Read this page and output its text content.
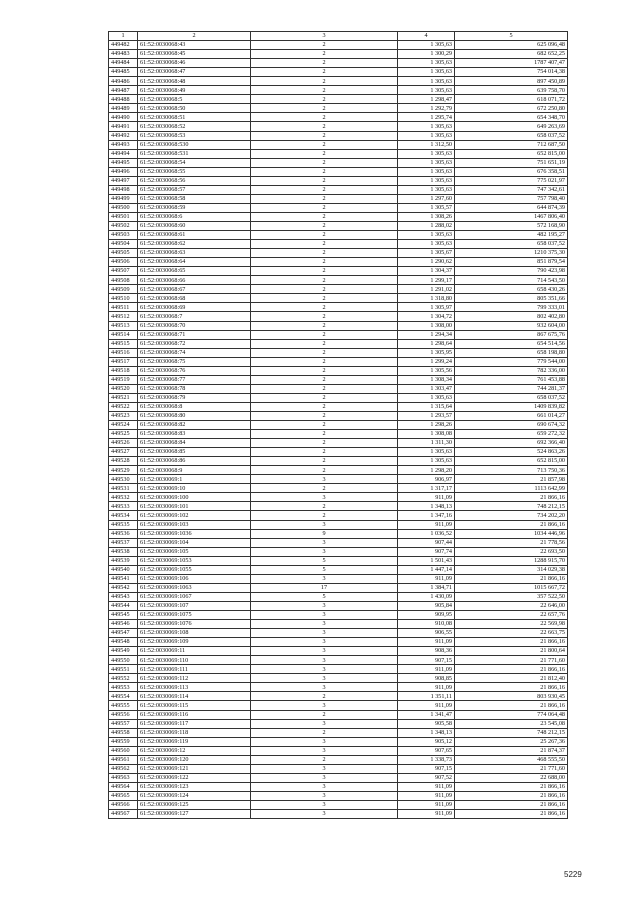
1	2	3	4	5
449482	61:52:0030068:43	2	1 305,63	625 096,48
449483	61:52:0030068:45	2	1 300,29	682 652,25
449484	61:52:0030068:46	2	1 305,63	1787 407,47
449485	61:52:0030068:47	2	1 305,63	754 014,38
449486	61:52:0030068:48	2	1 305,63	897 450,89
449487	61:52:0030068:49	2	1 305,63	639 758,70
449488	61:52:0030068:5	2	1 298,47	618 071,72
449489	61:52:0030068:50	2	1 292,79	672 250,80
449490	61:52:0030068:51	2	1 295,74	654 348,70
449491	61:52:0030068:52	2	1 305,63	649 263,69
449492	61:52:0030068:53	2	1 305,63	658 037,52
449493	61:52:0030068:530	2	1 312,50	712 687,50
449494	61:52:0030068:531	2	1 305,63	652 815,00
449495	61:52:0030068:54	2	1 305,63	751 651,19
449496	61:52:0030068:55	2	1 305,63	676 358,51
449497	61:52:0030068:56	2	1 305,63	775 021,97
449498	61:52:0030068:57	2	1 305,63	747 342,61
449499	61:52:0030068:58	2	1 297,60	757 798,40
449500	61:52:0030068:59	2	1 305,57	644 874,39
449501	61:52:0030068:6	2	1 308,26	1467 806,40
449502	61:52:0030068:60	2	1 288,02	572 168,90
449503	61:52:0030068:61	2	1 305,63	482 195,27
449504	61:52:0030068:62	2	1 305,63	658 037,52
449505	61:52:0030068:63	2	1 305,67	1210 375,30
449506	61:52:0030068:64	2	1 290,62	851 879,54
449507	61:52:0030068:65	2	1 304,37	790 423,98
449508	61:52:0030068:66	2	1 299,17	714 543,50
449509	61:52:0030068:67	2	1 291,02	658 430,26
449510	61:52:0030068:68	2	1 318,80	805 351,66
449511	61:52:0030068:69	2	1 305,97	799 333,01
449512	61:52:0030068:7	2	1 304,72	802 402,80
449513	61:52:0030068:70	2	1 308,00	932 604,00
449514	61:52:0030068:71	2	1 294,34	867 675,76
449515	61:52:0030068:72	2	1 298,64	654 514,56
449516	61:52:0030068:74	2	1 305,95	658 198,80
449517	61:52:0030068:75	2	1 299,24	779 544,00
449518	61:52:0030068:76	2	1 305,56	782 336,00
449519	61:52:0030068:77	2	1 308,34	761 453,88
449520	61:52:0030068:78	2	1 303,47	744 281,37
449521	61:52:0030068:79	2	1 305,63	658 037,52
449522	61:52:0030068:8	2	1 315,64	1409 839,82
449523	61:52:0030068:80	2	1 293,57	661 014,27
449524	61:52:0030068:82	2	1 298,26	690 674,32
449525	61:52:0030068:83	2	1 308,08	659 272,32
449526	61:52:0030068:84	2	1 311,30	692 366,40
449527	61:52:0030068:85	2	1 305,63	524 863,26
449528	61:52:0030068:86	2	1 305,63	652 815,00
449529	61:52:0030068:9	2	1 298,20	713 750,36
449530	61:52:0030069:1	3	906,97	21 857,98
449531	61:52:0030069:10	2	1 317,17	1113 642,99
449532	61:52:0030069:100	3	911,09	21 866,16
449533	61:52:0030069:101	2	1 348,13	748 212,15
449534	61:52:0030069:102	2	1 347,16	734 202,20
449535	61:52:0030069:103	3	911,09	21 866,16
449536	61:52:0030069:1036	9	1 036,52	1034 446,96
449537	61:52:0030069:104	3	907,44	21 778,56
449538	61:52:0030069:105	3	907,74	22 693,50
449539	61:52:0030069:1053	5	1 501,43	1288 915,70
449540	61:52:0030069:1055	5	1 447,14	314 029,38
449541	61:52:0030069:106	3	911,09	21 866,16
449542	61:52:0030069:1063	17	1 384,71	1015 667,72
449543	61:52:0030069:1067	5	1 430,09	357 522,50
449544	61:52:0030069:107	3	905,84	22 646,00
449545	61:52:0030069:1075	3	909,95	22 657,76
449546	61:52:0030069:1076	3	910,08	22 569,98
449547	61:52:0030069:108	3	906,55	22 663,75
449548	61:52:0030069:109	3	911,09	21 866,16
449549	61:52:0030069:11	3	908,36	21 800,64
449550	61:52:0030069:110	3	907,15	21 771,60
449551	61:52:0030069:111	3	911,09	21 866,16
449552	61:52:0030069:112	3	908,85	21 812,40
449553	61:52:0030069:113	3	911,09	21 866,16
449554	61:52:0030069:114	2	1 351,11	803 930,45
449555	61:52:0030069:115	3	911,09	21 866,16
449556	61:52:0030069:116	2	1 341,47	774 064,48
449557	61:52:0030069:117	3	905,58	23 545,08
449558	61:52:0030069:118	2	1 348,13	748 212,15
449559	61:52:0030069:119	3	905,12	25 267,36
449560	61:52:0030069:12	3	907,65	21 874,37
449561	61:52:0030069:120	2	1 338,73	468 555,50
449562	61:52:0030069:121	3	907,15	21 771,60
449563	61:52:0030069:122	3	907,52	22 688,00
449564	61:52:0030069:123	3	911,09	21 866,16
449565	61:52:0030069:124	3	911,09	21 866,16
449566	61:52:0030069:125	3	911,09	21 866,16
449567	61:52:0030069:127	3	911,09	21 866,16
5229
